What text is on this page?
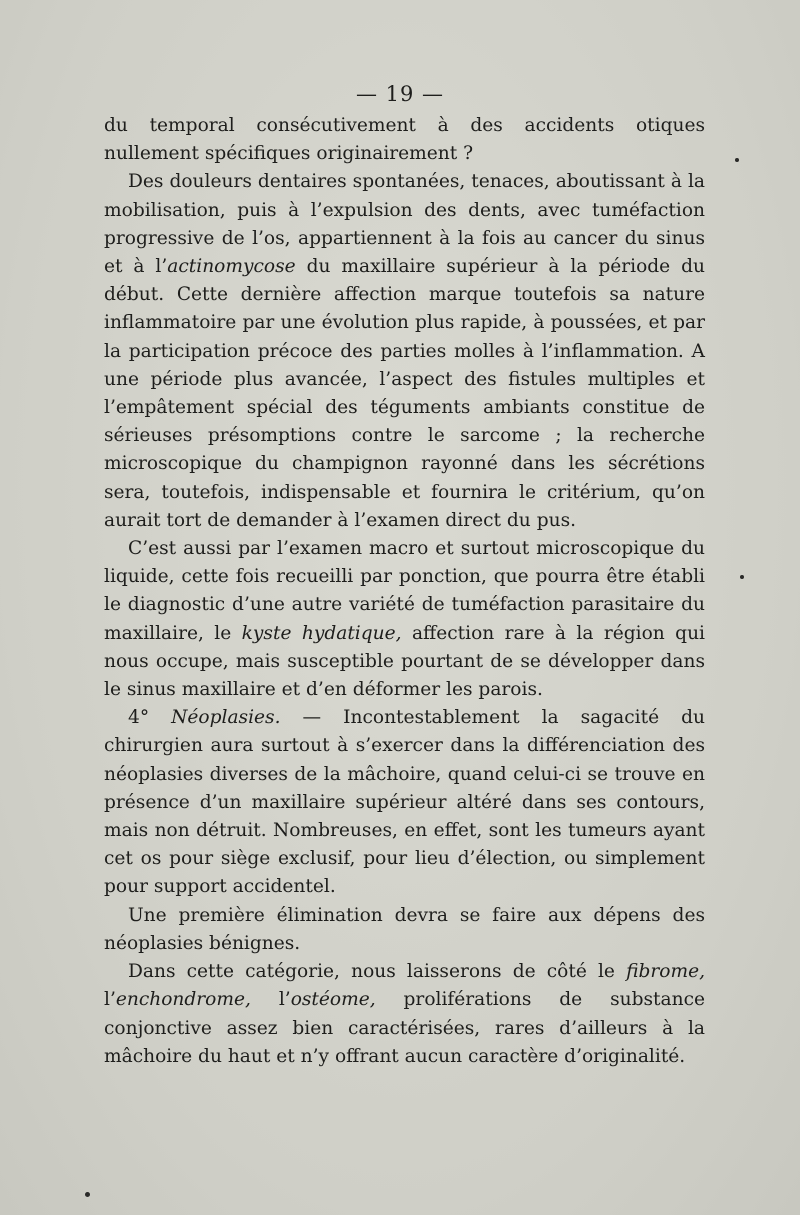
— 19 —

du temporal consécutivement à des accidents otiques nullement spécifiques originairement ?

Des douleurs dentaires spontanées, tenaces, aboutissant à la mobilisation, puis à l’expulsion des dents, avec tuméfaction progressive de l’os, appartiennent à la fois au cancer du sinus et à l’actinomycose du maxillaire supérieur à la période du début. Cette dernière affection marque toutefois sa nature inflammatoire par une évolution plus rapide, à poussées, et par la participation précoce des parties molles à l’inflammation. A une période plus avancée, l’aspect des fistules multiples et l’empâtement spécial des téguments ambiants constitue de sérieuses présomptions contre le sarcome ; la recherche microscopique du champignon rayonné dans les sécrétions sera, toutefois, indispensable et fournira le critérium, qu’on aurait tort de demander à l’examen direct du pus.

C’est aussi par l’examen macro et surtout microscopique du liquide, cette fois recueilli par ponction, que pourra être établi le diagnostic d’une autre variété de tuméfaction parasitaire du maxillaire, le kyste hydatique, affection rare à la région qui nous occupe, mais susceptible pourtant de se développer dans le sinus maxillaire et d’en déformer les parois.

4° Néoplasies. — Incontestablement la sagacité du chirurgien aura surtout à s’exercer dans la différenciation des néoplasies diverses de la mâchoire, quand celui-ci se trouve en présence d’un maxillaire supérieur altéré dans ses contours, mais non détruit. Nombreuses, en effet, sont les tumeurs ayant cet os pour siège exclusif, pour lieu d’élection, ou simplement pour support accidentel.

Une première élimination devra se faire aux dépens des néoplasies bénignes.

Dans cette catégorie, nous laisserons de côté le fibrome, l’enchondrome, l’ostéome, proliférations de substance conjonctive assez bien caractérisées, rares d’ailleurs à la mâchoire du haut et n’y offrant aucun caractère d’originalité.
